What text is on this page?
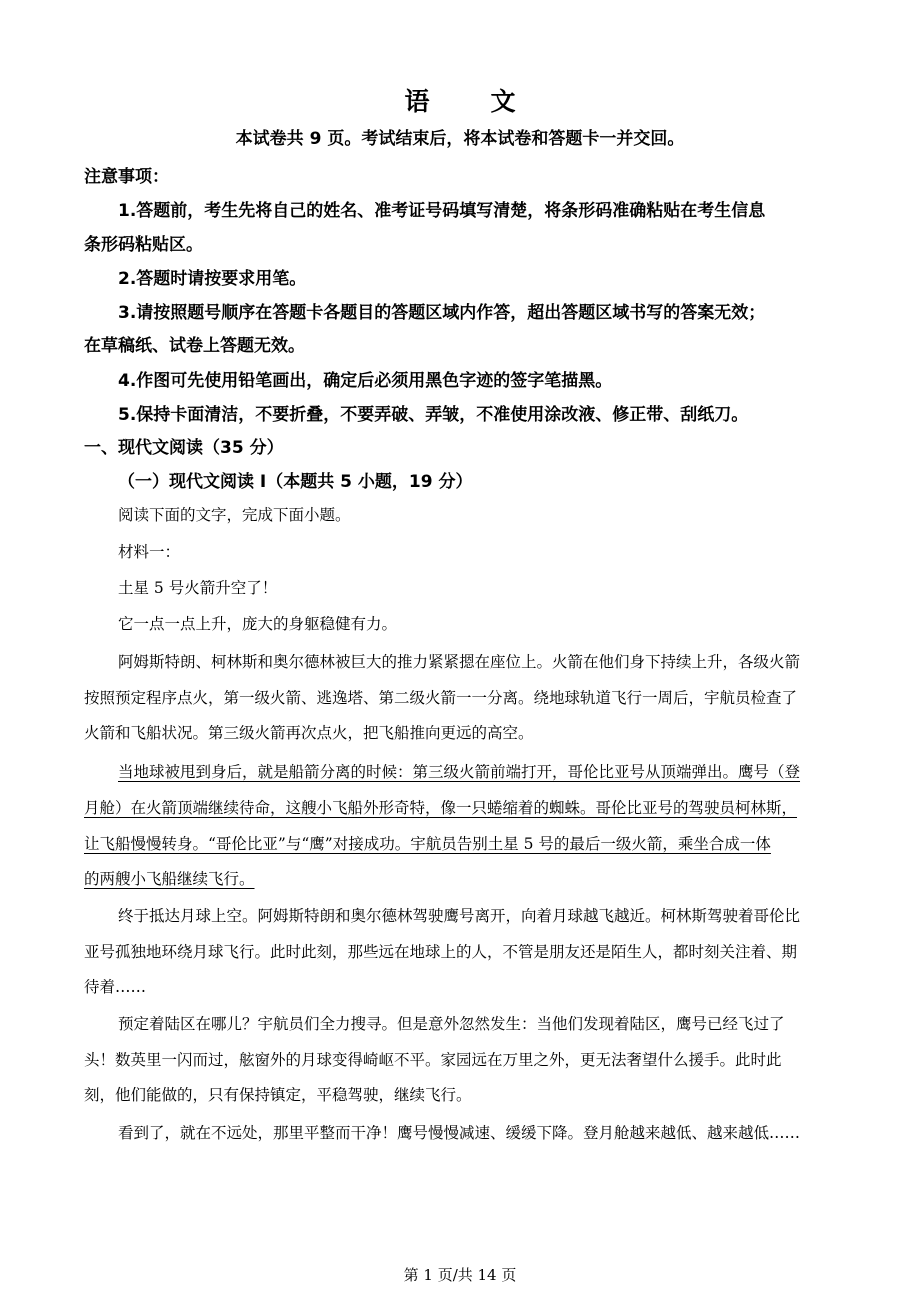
语　文
本试卷共 9 页。考试结束后，将本试卷和答题卡一并交回。
注意事项：
1.答题前，考生先将自己的姓名、准考证号码填写清楚，将条形码准确粘贴在考生信息
条形码粘贴区。
2.答题时请按要求用笔。
3.请按照题号顺序在答题卡各题目的答题区域内作答，超出答题区域书写的答案无效；
在草稿纸、试卷上答题无效。
4.作图可先使用铅笔画出，确定后必须用黑色字迹的签字笔描黑。
5.保持卡面清洁，不要折叠，不要弄破、弄皱，不准使用涂改液、修正带、刮纸刀。
一、现代文阅读（35 分）
（一）现代文阅读 I（本题共 5 小题，19 分）
阅读下面的文字，完成下面小题。
材料一：
土星 5 号火箭升空了！
它一点一点上升，庞大的身躯稳健有力。
阿姆斯特朗、柯林斯和奥尔德林被巨大的推力紧紧摁在座位上。火箭在他们身下持续上升，各级火箭
按照预定程序点火，第一级火箭、逃逸塔、第二级火箭一一分离。绕地球轨道飞行一周后，宇航员检查了
火箭和飞船状况。第三级火箭再次点火，把飞船推向更远的高空。
当地球被甩到身后，就是船箭分离的时候：第三级火箭前端打开，哥伦比亚号从顶端弹出。鹰号（登
月舱）在火箭顶端继续待命，这艘小飞船外形奇特，像一只蜷缩着的蜘蛛。哥伦比亚号的驾驶员柯林斯，
让飞船慢慢转身。“哥伦比亚”与“鹰”对接成功。宇航员告别土星 5 号的最后一级火箭，乘坐合成一体
的两艘小飞船继续飞行。
终于抵达月球上空。阿姆斯特朗和奥尔德林驾驶鹰号离开，向着月球越飞越近。柯林斯驾驶着哥伦比
亚号孤独地环绕月球飞行。此时此刻，那些远在地球上的人，不管是朋友还是陌生人，都时刻关注着、期
待着……
预定着陆区在哪儿？宇航员们全力搜寻。但是意外忽然发生：当他们发现着陆区，鹰号已经飞过了
头！数英里一闪而过，舷窗外的月球变得崎岖不平。家园远在万里之外，更无法奢望什么援手。此时此
刻，他们能做的，只有保持镇定，平稳驾驶，继续飞行。
看到了，就在不远处，那里平整而干净！鹰号慢慢减速、缓缓下降。登月舱越来越低、越来越低……
第 1 页/共 14 页
